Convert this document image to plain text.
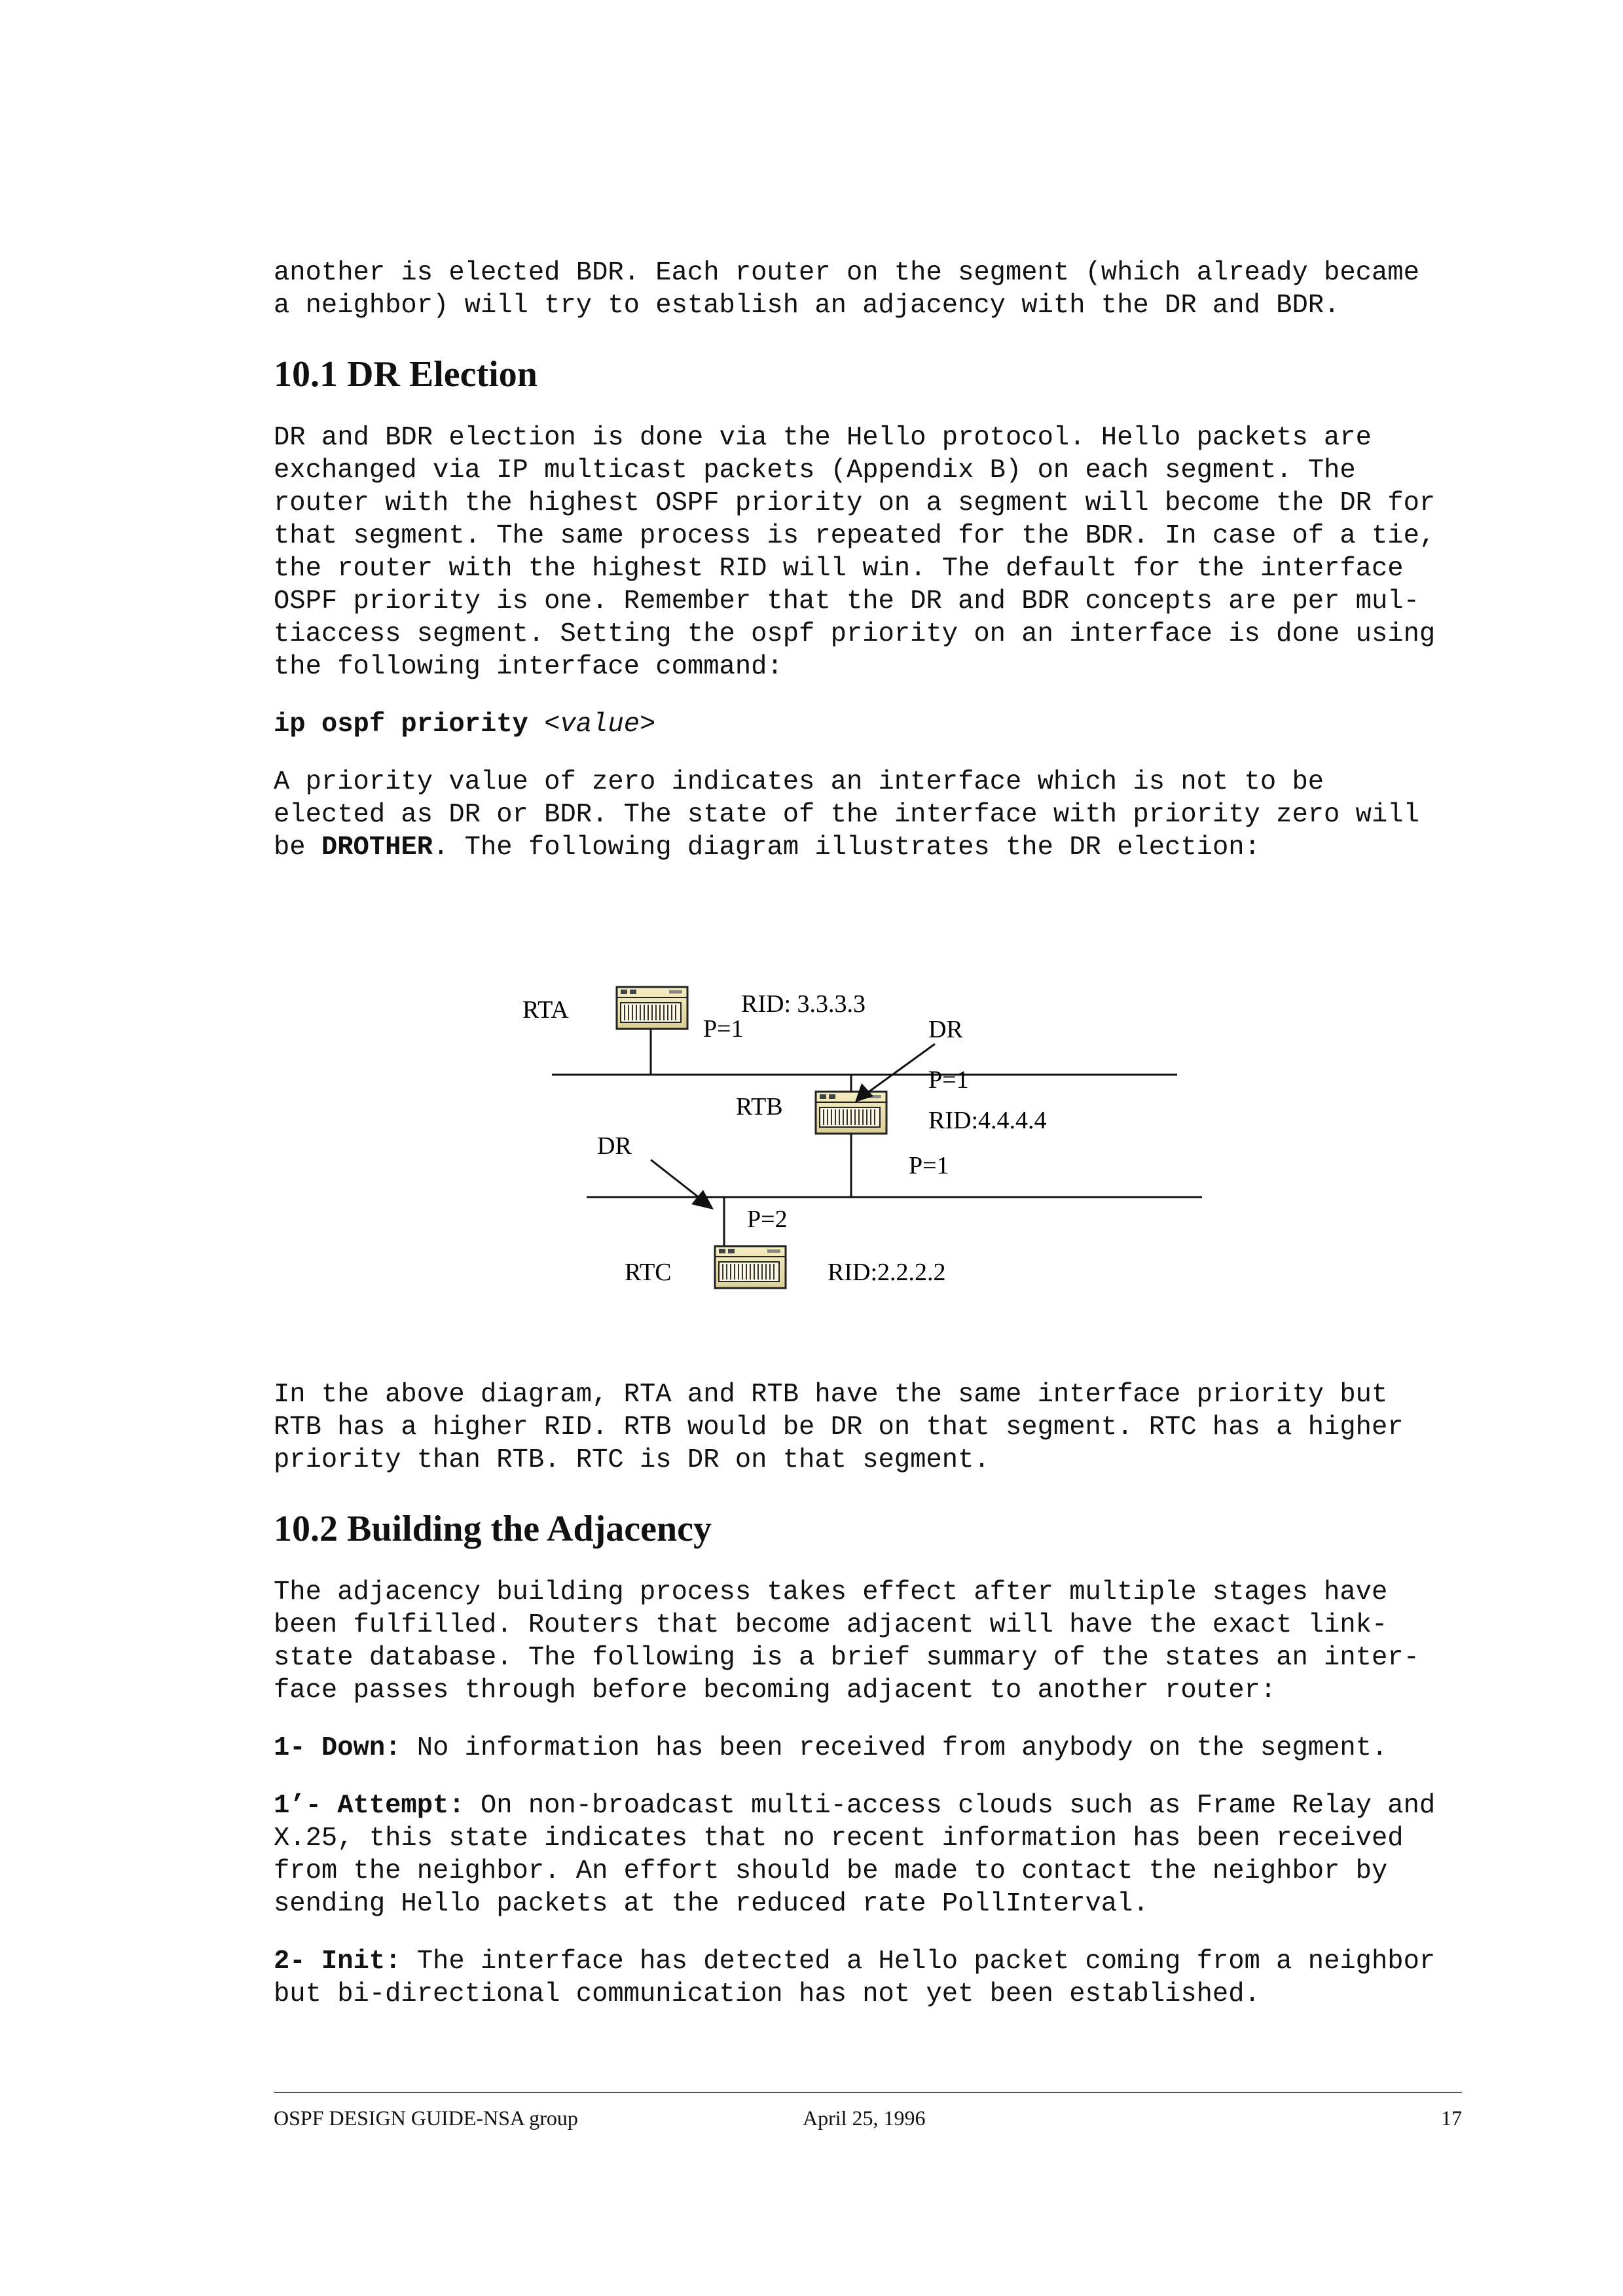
another is elected BDR. Each router on the segment (which already became
a neighbor) will try to establish an adjacency with the DR and BDR.

10.1 DR Election

DR and BDR election is done via the Hello protocol. Hello packets are
exchanged via IP multicast packets (Appendix B) on each segment. The
router with the highest OSPF priority on a segment will become the DR for
that segment. The same process is repeated for the BDR. In case of a tie,
the router with the highest RID will win. The default for the interface
OSPF priority is one. Remember that the DR and BDR concepts are per mul-
tiaccess segment. Setting the ospf priority on an interface is done using
the following interface command:

ip ospf priority <value>

A priority value of zero indicates an interface which is not to be
elected as DR or BDR. The state of the interface with priority zero will
be DROTHER. The following diagram illustrates the DR election:

RTA	RID: 3.3.3.3
P=1
RTB	RID:4.4.4.4
P=1
P=1
DR
DR
P=2
RTC	RID:2.2.2.2

In the above diagram, RTA and RTB have the same interface priority but
RTB has a higher RID. RTB would be DR on that segment. RTC has a higher
priority than RTB. RTC is DR on that segment.

10.2 Building the Adjacency

The adjacency building process takes effect after multiple stages have
been fulfilled. Routers that become adjacent will have the exact link-
state database. The following is a brief summary of the states an inter-
face passes through before becoming adjacent to another router:

1- Down: No information has been received from anybody on the segment.

1’- Attempt: On non-broadcast multi-access clouds such as Frame Relay and
X.25, this state indicates that no recent information has been received
from the neighbor. An effort should be made to contact the neighbor by
sending Hello packets at the reduced rate PollInterval.

2- Init: The interface has detected a Hello packet coming from a neighbor
but bi-directional communication has not yet been established.

OSPF DESIGN GUIDE-NSA group	April 25, 1996	17
